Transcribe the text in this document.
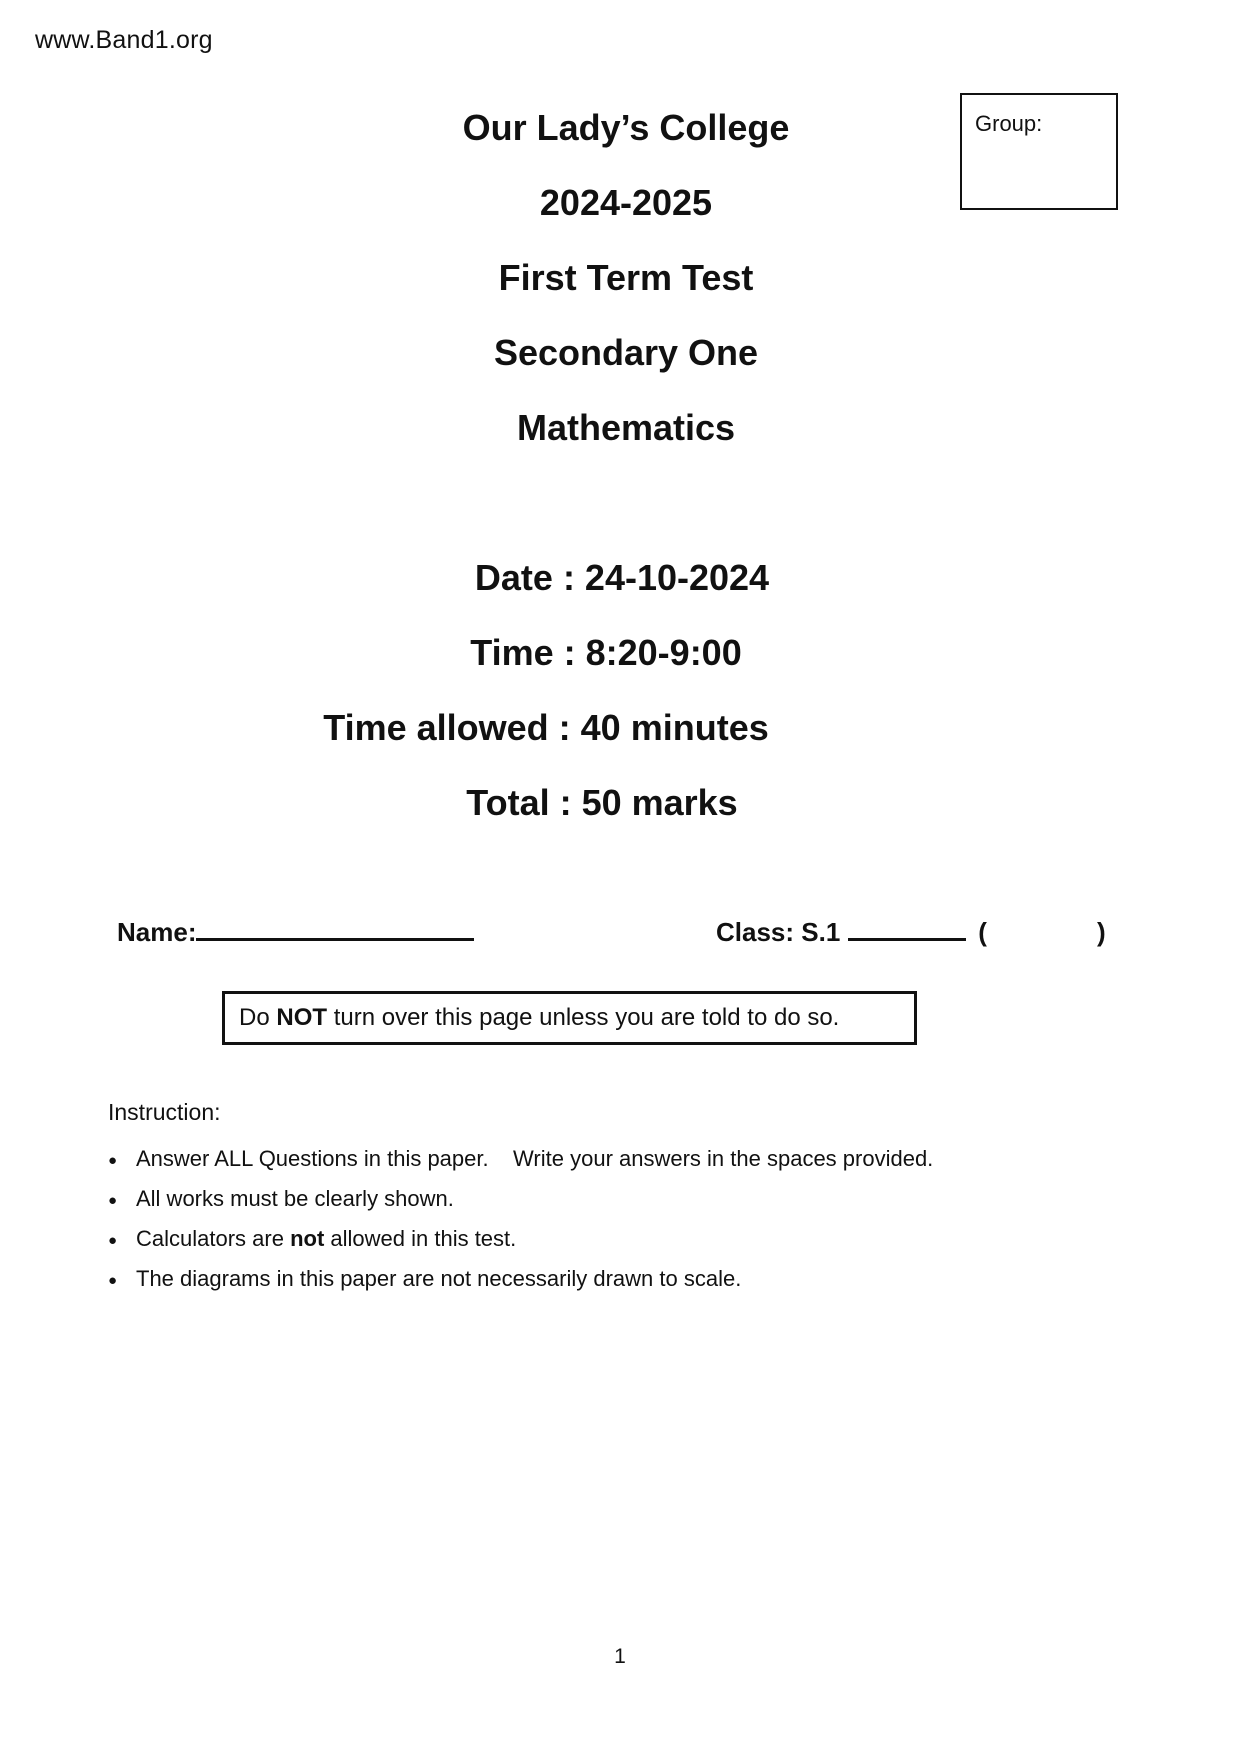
www.Band1.org
Group:
Our Lady’s College
2024-2025
First Term Test
Secondary One
Mathematics
Date : 24-10-2024
Time : 8:20-9:00
Time allowed : 40 minutes
Total : 50 marks
Name:	Class: S.1	(	)
Do NOT turn over this page unless you are told to do so.
Instruction:
● Answer ALL Questions in this paper.    Write your answers in the spaces provided.
● All works must be clearly shown.
● Calculators are not allowed in this test.
● The diagrams in this paper are not necessarily drawn to scale.
1
